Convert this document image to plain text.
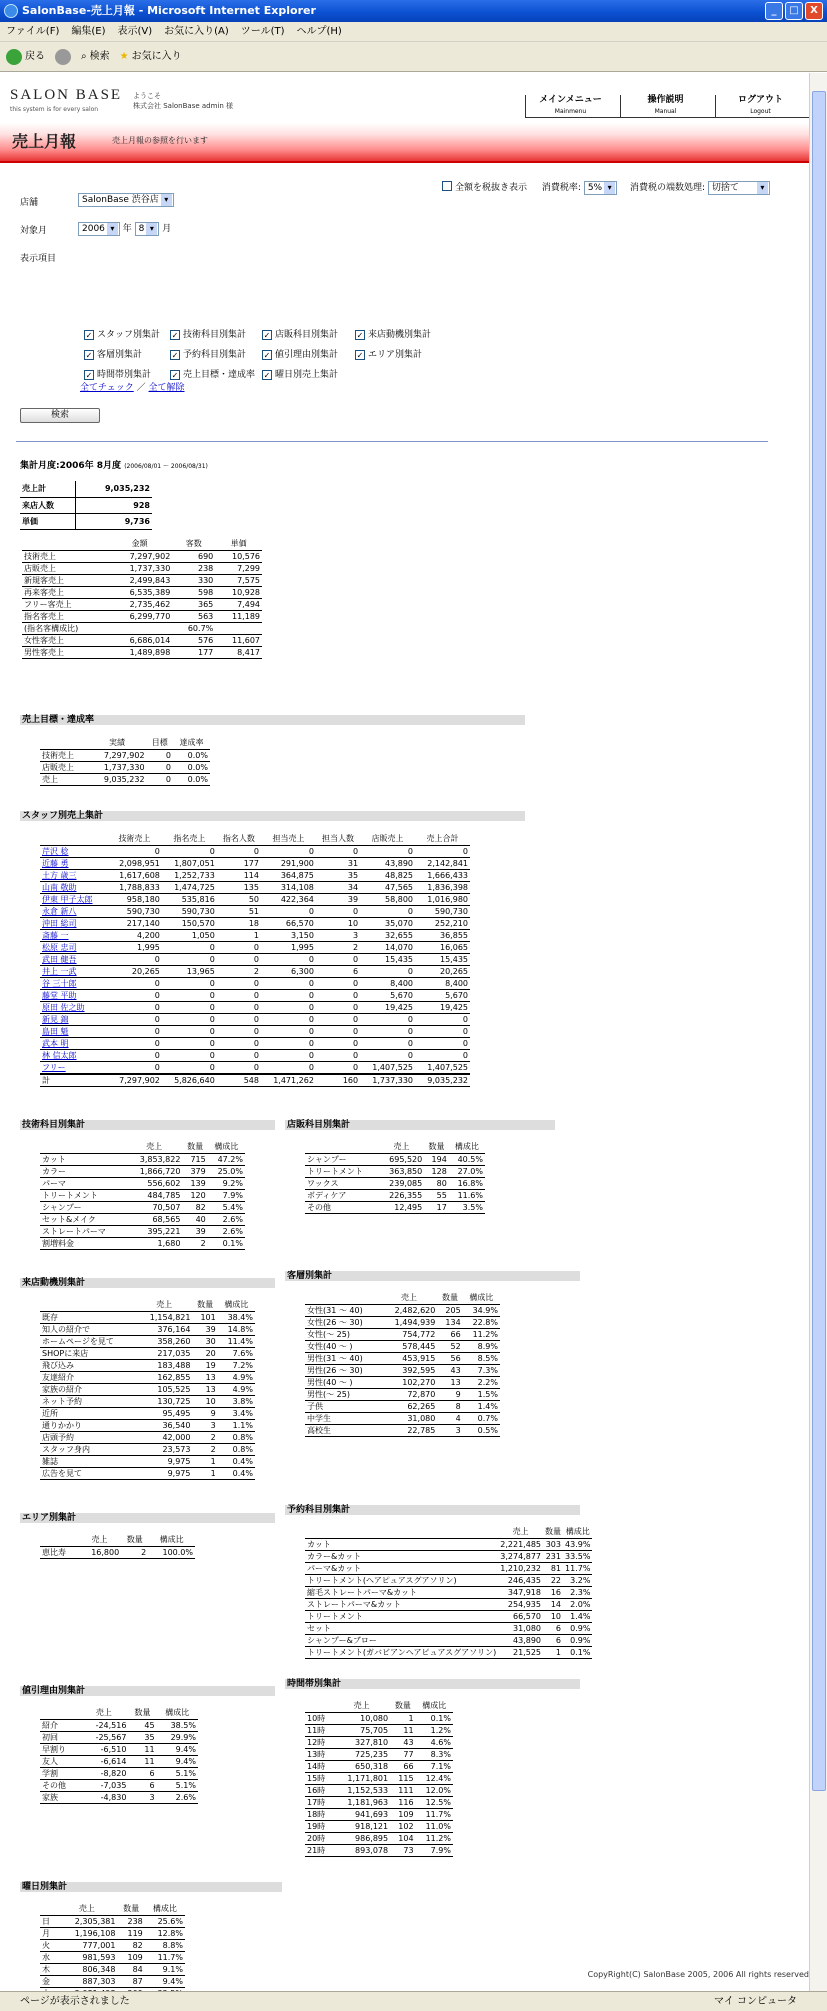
SalonBase-売上月報 - Microsoft Internet Explorer	_	□	X
ファイル(F) 編集(E) 表示(V) お気に入り(A) ツール(T) ヘルプ(H)
戻る	⌕ 検索 ★ お気に入り
SALON BASE
this system is for every salon
ようこそ
株式会社 SalonBase admin 様
メインメニュー
Mainmenu
操作説明
Manual
ログアウト
Logout
売上月報	売上月報の参照を行います
全額を税抜き表示 消費税率: 5% ▾	消費税の端数処理: 切捨て ▾
店舗	SalonBase 渋谷店 ▾
対象月	2006 ▾ 年 8 ▾ 月
表示項目
✓ スタッフ別集計 ✓ 技術科目別集計 ✓ 店販科目別集計 ✓ 来店動機別集計
✓ 客層別集計	✓ 予約科目別集計 ✓ 値引理由別集計 ✓ エリア別集計
✓ 時間帯別集計	✓ 売上目標・達成率 ✓ 曜日別売上集計
全てチェック ／ 全て解除
検索
集計月度:2006年 8月度 (2006/08/01 ～ 2006/08/31)
売上計	9,035,232
来店人数	928
単価	9,736
	金額	客数	単価
技術売上	7,297,902	690	10,576
店販売上	1,737,330	238	7,299
新規客売上	2,499,843	330	7,575
再来客売上	6,535,389	598	10,928
フリー客売上	2,735,462	365	7,494
指名客売上	6,299,770	563	11,189
(指名客構成比)		60.7%	
女性客売上	6,686,014	576	11,607
男性客売上	1,489,898	177	8,417
売上目標・達成率
	実績	目標	達成率
技術売上	7,297,902	0	0.0%
店販売上	1,737,330	0	0.0%
売上	9,035,232	0	0.0%
スタッフ別売上集計
	技術売上	指名売上	指名人数	担当売上	担当人数	店販売上	売上合計
芹沢 稔	0	0	0	0	0	0	0
近藤 勇	2,098,951	1,807,051	177	291,900	31	43,890	2,142,841
土方 歳三	1,617,608	1,252,733	114	364,875	35	48,825	1,666,433
山南 敬助	1,788,833	1,474,725	135	314,108	34	47,565	1,836,398
伊東 甲子太郎	958,180	535,816	50	422,364	39	58,800	1,016,980
永倉 新八	590,730	590,730	51	0	0	0	590,730
沖田 総司	217,140	150,570	18	66,570	10	35,070	252,210
斎藤 一	4,200	1,050	1	3,150	3	32,655	36,855
松原 忠司	1,995	0	0	1,995	2	14,070	16,065
武田 健吾	0	0	0	0	0	15,435	15,435
井上 一武	20,265	13,965	2	6,300	6	0	20,265
谷 三十郎	0	0	0	0	0	8,400	8,400
藤堂 平助	0	0	0	0	0	5,670	5,670
原田 佐之助	0	0	0	0	0	19,425	19,425
新見 錦	0	0	0	0	0	0	0
島田 魁	0	0	0	0	0	0	0
武本 明	0	0	0	0	0	0	0
林 信太郎	0	0	0	0	0	0	0
フリー	0	0	0	0	0	1,407,525	1,407,525
計	7,297,902	5,826,640	548	1,471,262	160	1,737,330	9,035,232
技術科目別集計
	売上	数量	構成比
カット	3,853,822	715	47.2%
カラー	1,866,720	379	25.0%
パーマ	556,602	139	9.2%
トリートメント	484,785	120	7.9%
シャンプー	70,507	82	5.4%
セット&メイク	68,565	40	2.6%
ストレートパーマ	395,221	39	2.6%
割増料金	1,680	2	0.1%
店販科目別集計
	売上	数量	構成比
シャンプー	695,520	194	40.5%
トリートメント	363,850	128	27.0%
ワックス	239,085	80	16.8%
ボディケア	226,355	55	11.6%
その他	12,495	17	3.5%
来店動機別集計
	売上	数量	構成比
既存	1,154,821	101	38.4%
知人の紹介で	376,164	39	14.8%
ホームページを見て	358,260	30	11.4%
SHOPに来店	217,035	20	7.6%
飛び込み	183,488	19	7.2%
友達紹介	162,855	13	4.9%
家族の紹介	105,525	13	4.9%
ネット予約	130,725	10	3.8%
近所	95,495	9	3.4%
通りかかり	36,540	3	1.1%
店頭予約	42,000	2	0.8%
スタッフ身内	23,573	2	0.8%
雑誌	9,975	1	0.4%
広告を見て	9,975	1	0.4%
客層別集計
	売上	数量	構成比
女性(31 ～ 40)	2,482,620	205	34.9%
女性(26 ～ 30)	1,494,939	134	22.8%
女性(～ 25)	754,772	66	11.2%
女性(40 ～ )	578,445	52	8.9%
男性(31 ～ 40)	453,915	56	8.5%
男性(26 ～ 30)	392,595	43	7.3%
男性(40 ～ )	102,270	13	2.2%
男性(～ 25)	72,870	9	1.5%
子供	62,265	8	1.4%
中学生	31,080	4	0.7%
高校生	22,785	3	0.5%
エリア別集計
	売上	数量	構成比
恵比寿	16,800	2	100.0%
予約科目別集計
	売上	数量	構成比
カット	2,221,485	303	43.9%
カラー&カット	3,274,877	231	33.5%
パーマ&カット	1,210,232	81	11.7%
トリートメント(ヘアピュアスグアソリン)	246,435	22	3.2%
縮毛ストレートパーマ&カット	347,918	16	2.3%
ストレートパーマ&カット	254,935	14	2.0%
トリートメント	66,570	10	1.4%
セット	31,080	6	0.9%
シャンプー&ブロー	43,890	6	0.9%
トリートメント(ガバビアンヘアピュアスグアソリン)	21,525	1	0.1%
値引理由別集計
	売上	数量	構成比
紹介	-24,516	45	38.5%
初回	-25,567	35	29.9%
早割り	-6,510	11	9.4%
友人	-6,614	11	9.4%
学割	-8,820	6	5.1%
その他	-7,035	6	5.1%
家族	-4,830	3	2.6%
時間帯別集計
	売上	数量	構成比
10時	10,080	1	0.1%
11時	75,705	11	1.2%
12時	327,810	43	4.6%
13時	725,235	77	8.3%
14時	650,318	66	7.1%
15時	1,171,801	115	12.4%
16時	1,152,533	111	12.0%
17時	1,181,963	116	12.5%
18時	941,693	109	11.7%
19時	918,121	102	11.0%
20時	986,895	104	11.2%
21時	893,078	73	7.9%
曜日別集計
	売上	数量	構成比
日	2,305,381	238	25.6%
月	1,196,108	119	12.8%
火	777,001	82	8.8%
水	981,593	109	11.7%
木	806,348	84	9.1%
金	887,303	87	9.4%

CopyRight(C) SalonBase 2005, 2006 All rights reserved
ページが表示されました	マイ コンピュータ
